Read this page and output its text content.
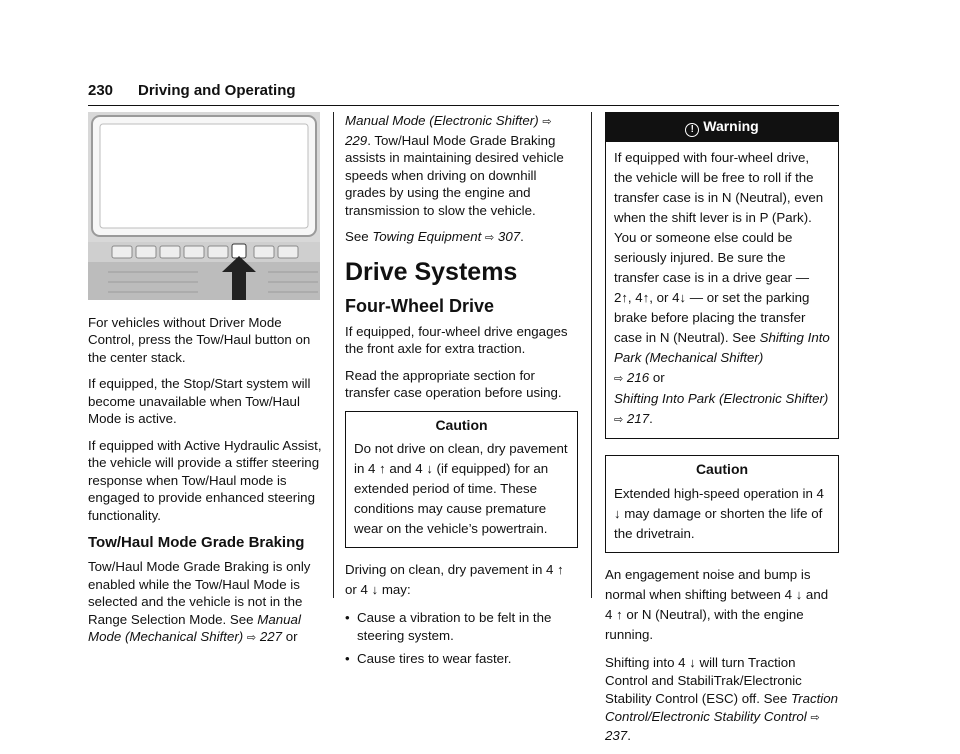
230 Driving and Operating

For vehicles without Driver Mode Control, press the Tow/Haul button on the center stack.

If equipped, the Stop/Start system will become unavailable when Tow/Haul Mode is active.

If equipped with Active Hydraulic Assist, the vehicle will provide a stiffer steering response when Tow/Haul mode is engaged to provide enhanced steering functionality.

Tow/Haul Mode Grade Braking

Tow/Haul Mode Grade Braking is only enabled while the Tow/Haul Mode is selected and the vehicle is not in the Range Selection Mode. See Manual Mode (Mechanical Shifter) ⇨ 227 or

Manual Mode (Electronic Shifter) ⇨ 229. Tow/Haul Mode Grade Braking assists in maintaining desired vehicle speeds when driving on downhill grades by using the engine and transmission to slow the vehicle.

See Towing Equipment ⇨ 307.

Drive Systems
Four-Wheel Drive

If equipped, four-wheel drive engages the front axle for extra traction.

Read the appropriate section for transfer case operation before using.

Caution
Do not drive on clean, dry pavement in 4 ↑ and 4 ↓ (if equipped) for an extended period of time. These conditions may cause premature wear on the vehicle’s powertrain.

Driving on clean, dry pavement in 4 ↑ or 4 ↓ may:

• Cause a vibration to be felt in the steering system.
• Cause tires to wear faster.
! Warning
If equipped with four-wheel drive, the vehicle will be free to roll if the transfer case is in N (Neutral), even when the shift lever is in P (Park). You or someone else could be seriously injured. Be sure the transfer case is in a drive gear — 2↑, 4↑, or 4↓ — or set the parking brake before placing the transfer case in N (Neutral). See Shifting Into Park (Mechanical Shifter)
⇨ 216 or
Shifting Into Park (Electronic Shifter)
⇨ 217.
Caution
Extended high-speed operation in 4 ↓ may damage or shorten the life of the drivetrain.

An engagement noise and bump is normal when shifting between 4 ↓ and 4 ↑ or N (Neutral), with the engine running.

Shifting into 4 ↓ will turn Traction Control and StabiliTrak/Electronic Stability Control (ESC) off. See Traction Control/Electronic Stability Control ⇨ 237.
